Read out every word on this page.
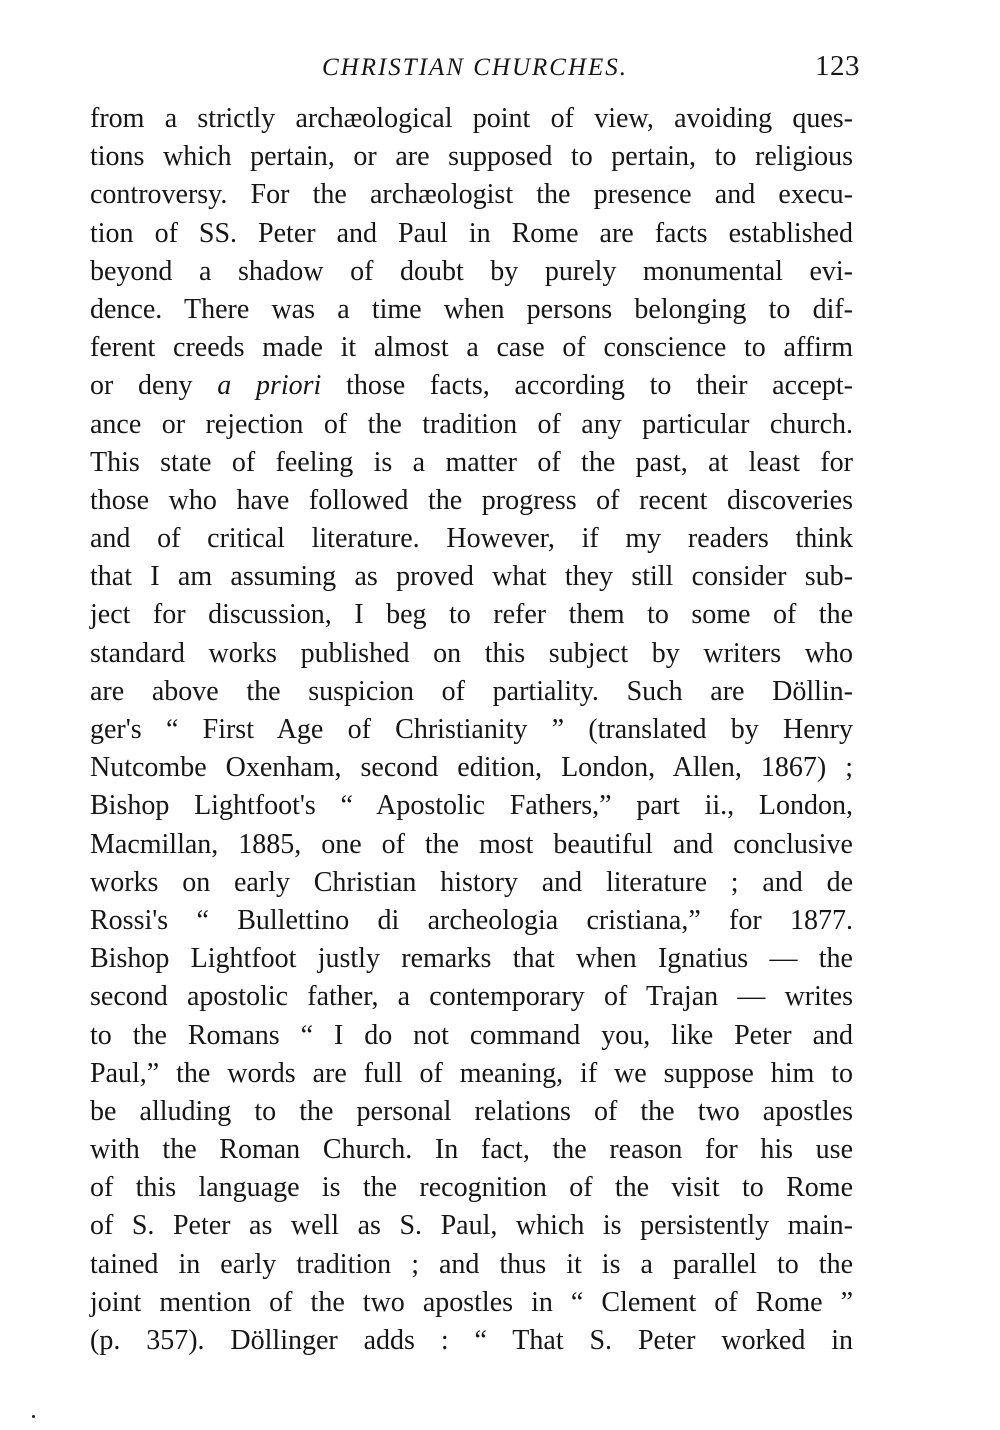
CHRISTIAN CHURCHES.	123
from a strictly archæological point of view, avoiding ques-
tions which pertain, or are supposed to pertain, to religious
controversy. For the archæologist the presence and execu-
tion of SS. Peter and Paul in Rome are facts established
beyond a shadow of doubt by purely monumental evi-
dence. There was a time when persons belonging to dif-
ferent creeds made it almost a case of conscience to affirm
or deny a priori those facts, according to their accept-
ance or rejection of the tradition of any particular church.
This state of feeling is a matter of the past, at least for
those who have followed the progress of recent discoveries
and of critical literature. However, if my readers think
that I am assuming as proved what they still consider sub-
ject for discussion, I beg to refer them to some of the
standard works published on this subject by writers who
are above the suspicion of partiality. Such are Döllin-
ger's “ First Age of Christianity ” (translated by Henry
Nutcombe Oxenham, second edition, London, Allen, 1867) ;
Bishop Lightfoot's “ Apostolic Fathers,” part ii., London,
Macmillan, 1885, one of the most beautiful and conclusive
works on early Christian history and literature ; and de
Rossi's “ Bullettino di archeologia cristiana,” for 1877.
Bishop Lightfoot justly remarks that when Ignatius — the
second apostolic father, a contemporary of Trajan — writes
to the Romans “ I do not command you, like Peter and
Paul,” the words are full of meaning, if we suppose him to
be alluding to the personal relations of the two apostles
with the Roman Church. In fact, the reason for his use
of this language is the recognition of the visit to Rome
of S. Peter as well as S. Paul, which is persistently main-
tained in early tradition ; and thus it is a parallel to the
joint mention of the two apostles in “ Clement of Rome ”
(p. 357). Döllinger adds : “ That S. Peter worked in
